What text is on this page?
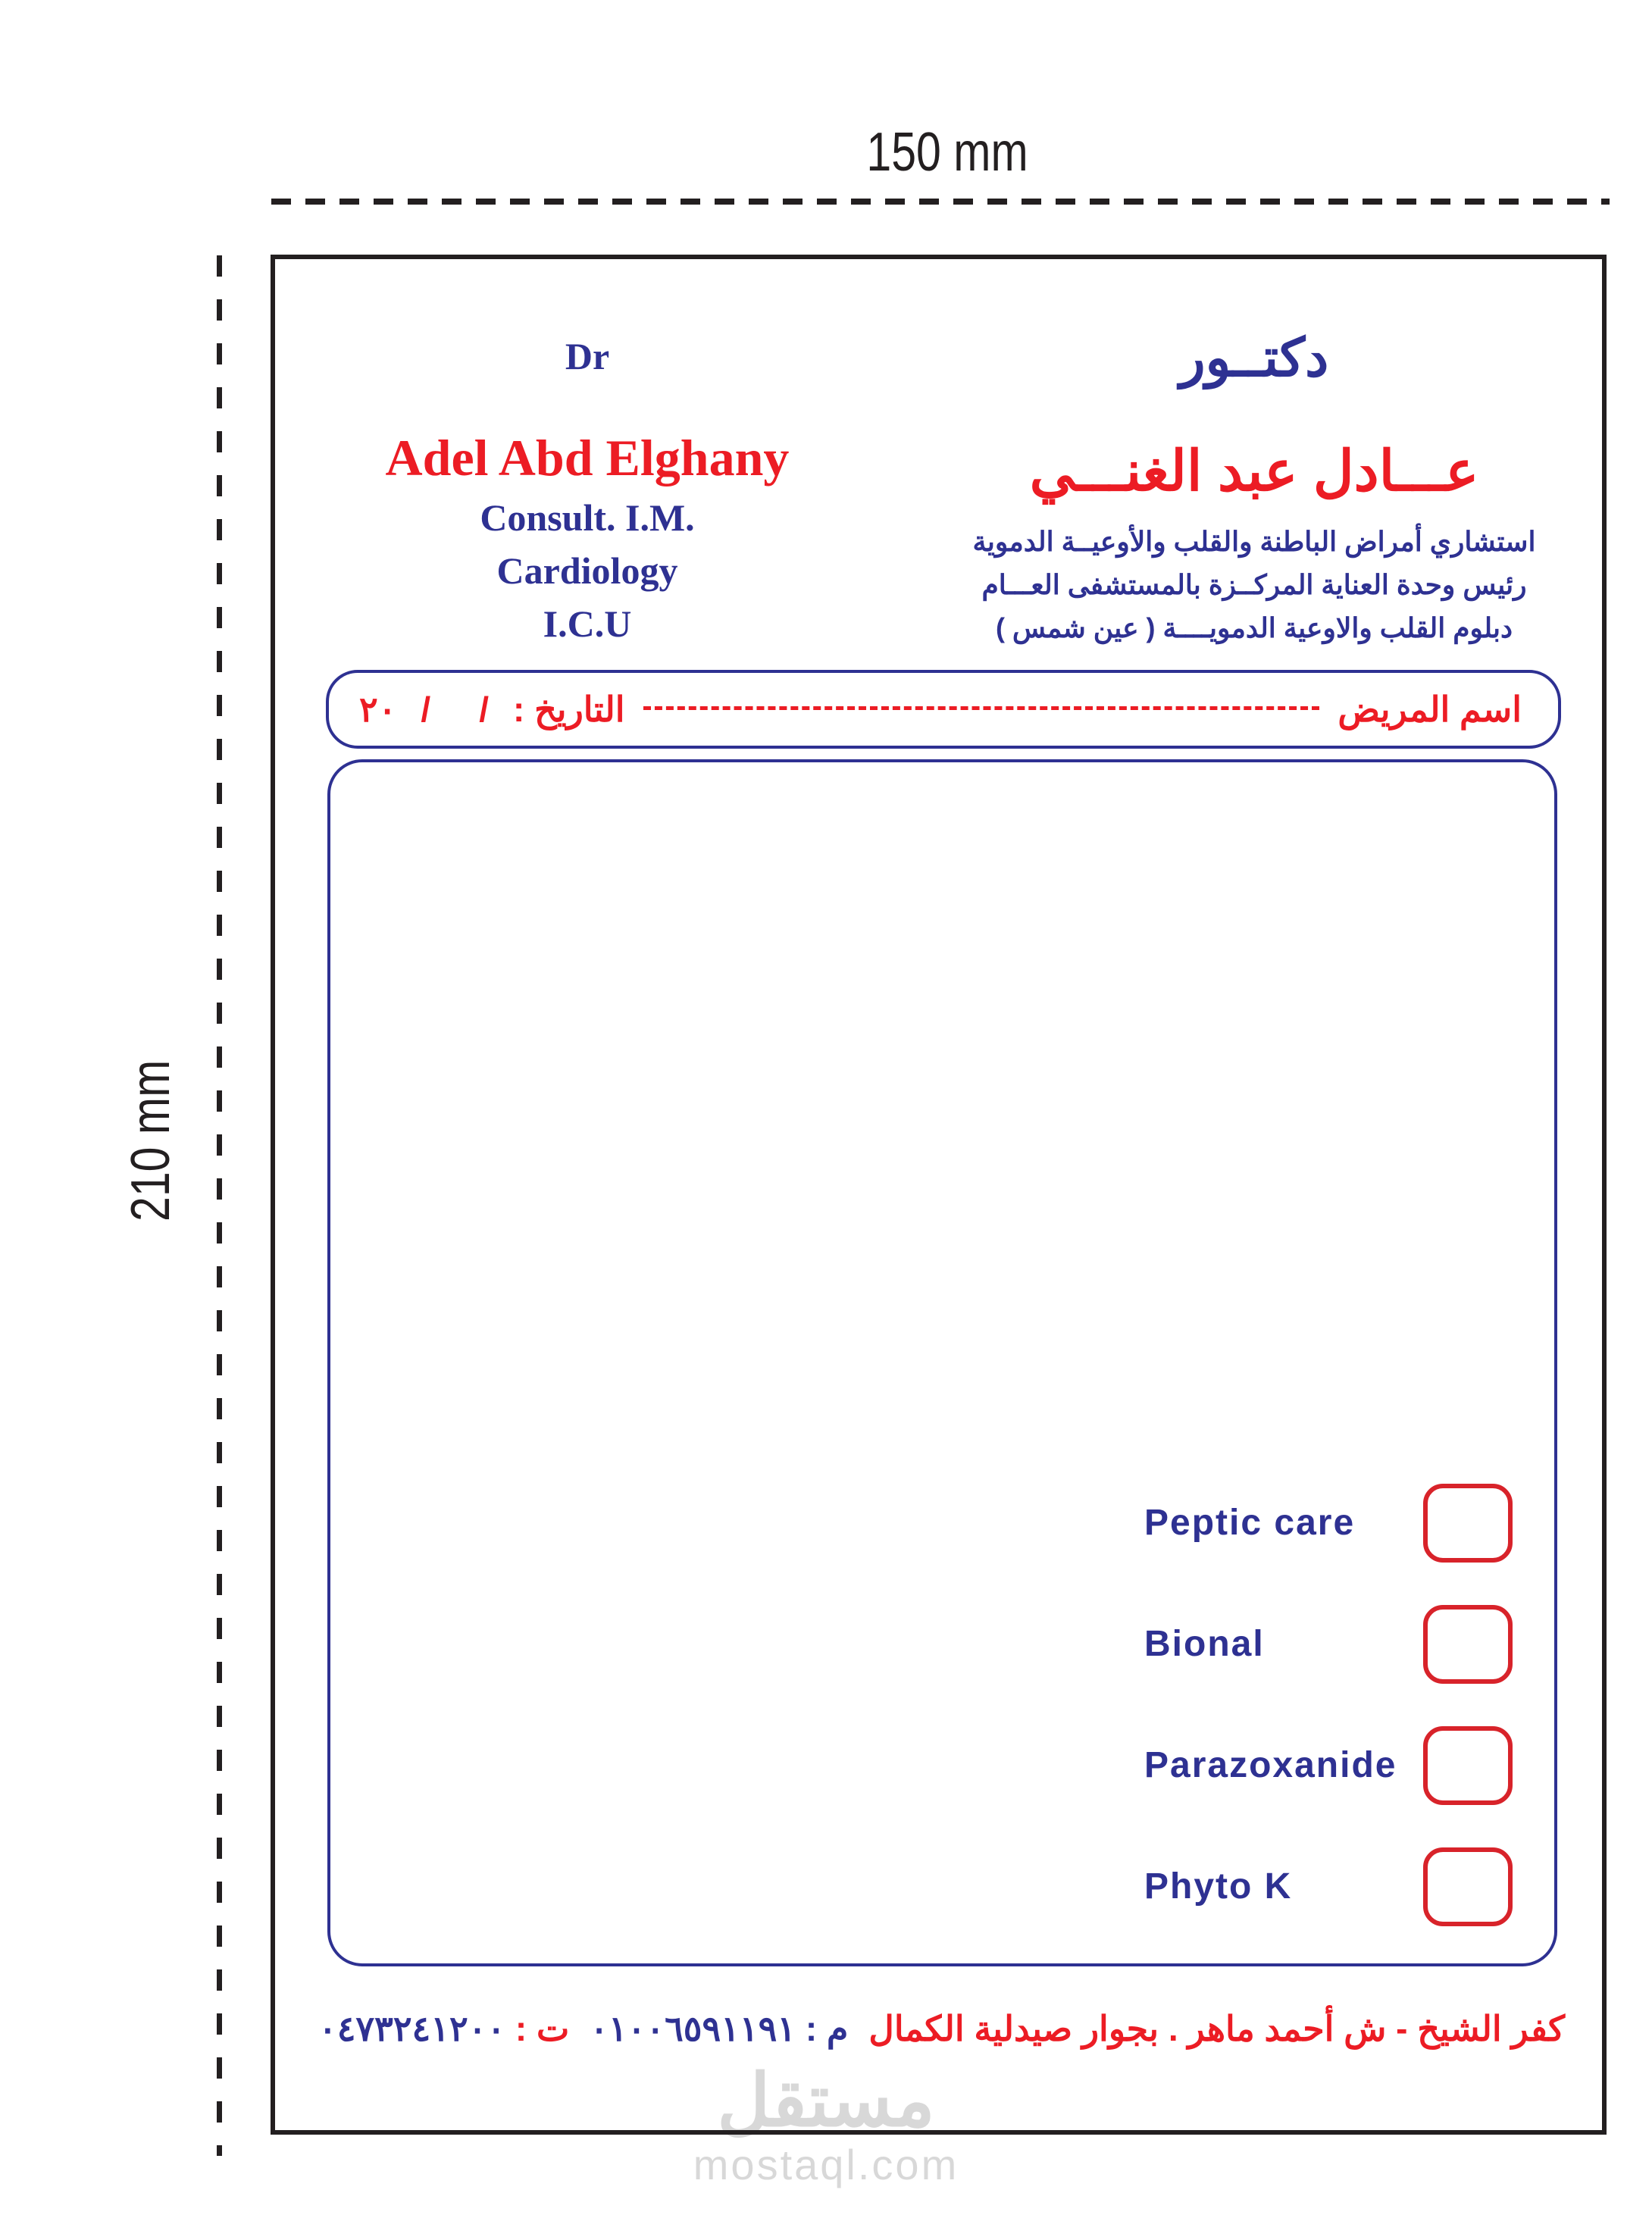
مستقل
mostaql.com
150 mm
210 mm
Dr
Adel Abd Elghany
Consult. I.M.
Cardiology
I.C.U
دكتــور
عـــادل عبد الغنـــي
استشاري أمراض الباطنة والقلب والأوعيــة الدموية
رئيس وحدة العناية المركــزة بالمستشفى العـــام
دبلوم القلب والاوعية الدمويــــة ( عين شمس )
اسم المريض
التاريخ :
/
/
٢٠
Peptic care
Bional
Parazoxanide
Phyto K
كفر الشيخ - ش أحمد ماهر . بجوار صيدلية الكمال
م : ٠١٠٠٦٥٩١١٩١
ت : ٠٤٧٣٢٤١٢٠٠
